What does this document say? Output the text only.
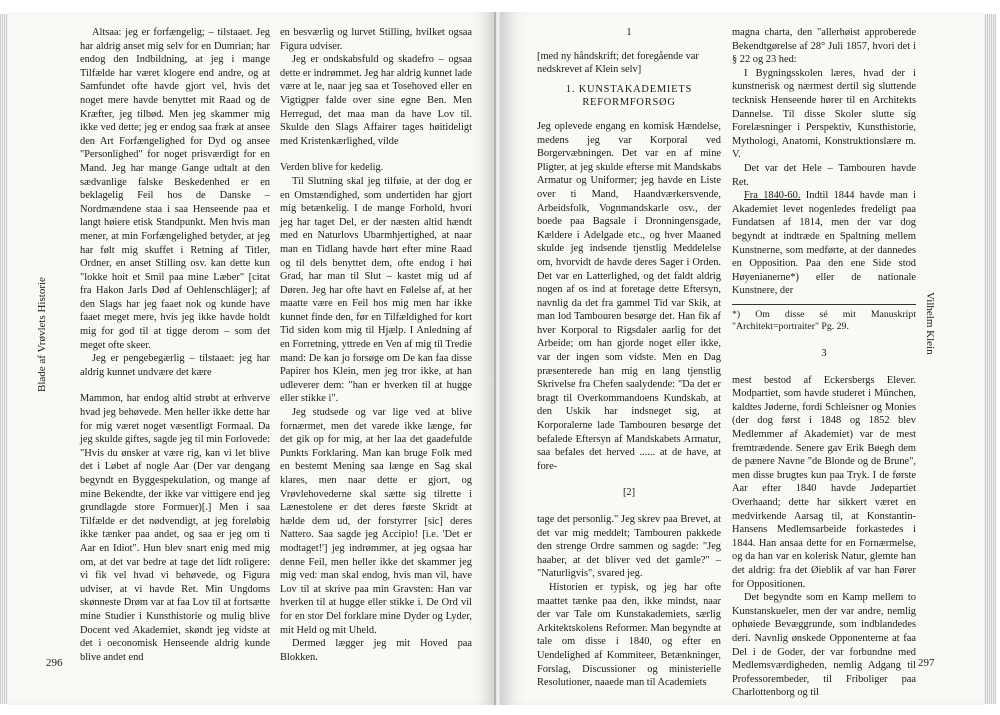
Blade af Vrøvlets Historie
296

Altsaa: jeg er forfængelig; – tilstaaet. Jeg har aldrig anset mig selv for en Dumrian; har endog den Indbildning, at jeg i mange Tilfælde har været klogere end andre, og at Samfundet ofte havde gjort vel, hvis det noget mere havde benyttet mit Raad og de Kræfter, jeg tilbød. Men jeg skammer mig ikke ved dette; jeg er endog saa fræk at ansee den Art Forfængelighed for Dyd og ansee "Personlighed" for noget prisværdigt for en Mand. Jeg har mange Gange udtalt at den sædvanlige falske Beskedenhed er en beklagelig Feil hos de Danske – Nordmændene staa i saa Henseende paa et langt høiere etisk Standpunkt. Men hvis man mener, at min Forfængelighed betyder, at jeg har følt mig skuffet i Retning af Titler, Ordner, en anset Stilling osv. kan dette kun "lokke hoit et Smil paa mine Læber" [citat fra Hakon Jarls Død af Oehlenschläger]; af den Slags har jeg faaet nok og kunde have faaet meget mere, hvis jeg ikke havde holdt mig for god til at tigge derom – som det meget ofte skeer.

Jeg er pengebegærlig – tilstaaet: jeg har aldrig kunnet undvære det kære

Mammon, har endog altid strøbt at erhverve hvad jeg behøvede. Men heller ikke dette har for mig været noget væsentligt Formaal. Da jeg skulde giftes, sagde jeg til min Forlovede: "Hvis du ønsker at være rig, kan vi let blive det i Løbet af nogle Aar (Der var dengang begyndt en Byggespekulation, og mange af mine Bekendte, der ikke var vittigere end jeg grundlagde store Formuer)[.] Men i saa Tilfælde er det nødvendigt, at jeg foreløbig ikke tænker paa andet, og saa er jeg om ti Aar en Idiot". Hun blev snart enig med mig om, at det var bedre at tage det lidt roligere: vi fik vel hvad vi behøvede, og Figura udviser, at vi havde Ret. Min Ungdoms skønneste Drøm var at faa Lov til at fortsætte mine Studier i Kunsthistorie og mulig blive Docent ved Akademiet, skøndt jeg vidste at det i oeconomisk Henseende aldrig kunde blive andet end

en besværlig og lurvet Stilling, hvilket ogsaa Figura udviser.

Jeg er ondskabsfuld og skadefro – ogsaa dette er indrømmet. Jeg har aldrig kunnet lade være at le, naar jeg saa et Tosehoved eller en Vigtigper falde over sine egne Ben. Men Herregud, det maa man da have Lov til. Skulde den Slags Affairer tages høitideligt med Kristenkærlighed, vilde

Verden blive for kedelig.

Til Slutning skal jeg tilføie, at der dog er en Omstændighed, som undertiden har gjort mig betænkelig. I de mange Forhold, hvori jeg har taget Del, er der næsten altid hændt med en Naturlovs Ubarmhjertighed, at naar man en Tidlang havde hørt efter mine Raad og til dels benyttet dem, ofte endog i høi Grad, har man til Slut – kastet mig ud af Døren. Jeg har ofte havt en Følelse af, at her maatte være en Feil hos mig men har ikke kunnet finde den, før en Tilfældighed for kort Tid siden kom mig til Hjælp. I Anledning af en Forretning, yttrede en Ven af mig til Tredie mand: De kan jo forsøge om De kan faa disse Papirer hos Klein, men jeg tror ikke, at han udleverer dem: "han er hverken til at hugge eller stikke i".

Jeg studsede og var lige ved at blive fornærmet, men det varede ikke længe, før det gik op for mig, at her laa det gaadefulde Punkts Forklaring. Man kan bruge Folk med en bestemt Mening saa længe en Sag skal klares, men naar dette er gjort, og Vrøvlehovederne skal sætte sig tilrette i Lænestolene er det deres første Skridt at hælde dem ud, der forstyrrer [sic] deres Nattero. Saa sagde jeg Accipio! [i.e. 'Det er modtaget!'] jeg indrømmer, at jeg ogsaa har denne Feil, men heller ikke det skammer jeg mig ved: man skal endog, hvis man vil, have Lov til at skrive paa min Gravsten: Han var hverken til at hugge eller stikke i. De Ord vil for en stor Del forklare mine Dyder og Lyder, mit Held og mit Uheld.

Dermed lægger jeg mit Hoved paa Blokken.

Vilhelm Klein
297

1

[med ny håndskrift; det foregående var nedskrevet af Klein selv]

1. KUNSTAKADEMIETS
REFORMFORSØG

Jeg oplevede engang en komisk Hændelse, medens jeg var Korporal ved Borgervæbningen. Det var en af mine Pligter, at jeg skulde efterse mit Mandskabs Armatur og Uniformer; jeg havde en Liste over ti Mand, Haandværkersvende, Arbeidsfolk, Vognmandskarle osv., der boede paa Bagsale i Dronningensgade, Kældere i Adelgade etc., og hver Maaned skulde jeg indsende tjenstlig Meddelelse om, hvorvidt de havde deres Sager i Orden. Det var en Latterlighed, og det faldt aldrig nogen af os ind at foretage dette Eftersyn, navnlig da det fra gammel Tid var Skik, at man lod Tambouren besørge det. Han fik af hver Korporal to Rigsdaler aarlig for det Arbeide; om han gjorde noget eller ikke, var der ingen som vidste. Men en Dag præsenterede han mig en lang tjenstlig Skrivelse fra Chefen saalydende: "Da det er bragt til Overkommandoens Kundskab, at den Uskik har indsneget sig, at Korporalerne lade Tambouren besørge det befalede Eftersyn af Mandskabets Armatur, saa befales det herved ...... at de have, at fore-

[2]

tage det personlig." Jeg skrev paa Brevet, at det var mig meddelt; Tambouren pakkede den strenge Ordre sammen og sagde: "Jeg haaber, at det bliver ved det gamle?" – "Naturligvis", svared jeg.

Historien er typisk, og jeg har ofte maattet tænke paa den, ikke mindst, naar der var Tale om Kunstakademiets, særlig Arkitektskolens Reformer. Man begyndte at tale om disse i 1840, og efter en Uendelighed af Kommiteer, Betænkninger, Forslag, Discussioner og ministerielle Resolutioner, naaede man til Academiets

magna charta, den "allerhøist approberede Bekendtgørelse af 28° Juli 1857, hvori det i § 22 og 23 hed:

I Bygningsskolen læres, hvad der i kunstnerisk og nærmest dertil sig sluttende tecknisk Henseende hører til en Architekts Dannelse. Til disse Skoler slutte sig Forelæsninger i Perspektiv, Kunsthistorie, Mythologi, Anatomi, Konstruktionslære m. V.

Det var det Hele – Tambouren havde Ret.

Fra 1840-60. Indtil 1844 havde man i Akademiet levet nogenledes fredeligt paa Fundatsen af 1814, men der var dog begyndt at indtræde en Spaltning mellem Kunstnerne, som medførte, at der dannedes en Opposition. Paa den ene Side stod Høyenianerne*) eller de nationale Kunstnere, der

*) Om disse sé mit Manuskript "Architekt=portraiter" Pg. 29.

3

mest bestod af Eckersbergs Elever. Modpartiet, som havde studeret i München, kaldtes Jøderne, fordi Schleisner og Monies (der dog først i 1848 og 1852 blev Medlemmer af Akademiet) var de mest fremtrædende. Senere gav Erik Bøegh dem de pænere Navne "de Blonde og de Brune", men disse brugtes kun paa Tryk. I de første Aar efter 1840 havde Jødepartiet Overhaand; dette har sikkert været en medvirkende Aarsag til, at Konstantin-Hansens Medlemsarbeide forkastedes i 1844. Han ansaa dette for en Fornærmelse, og da han var en kolerisk Natur, glemte han det aldrig: fra det Øieblik af var han Fører for Oppositionen.

Det begyndte som en Kamp mellem to Kunstanskueler, men der var andre, nemlig ophøiede Bevæggrunde, som indblandedes deri. Navnlig ønskede Opponenterne at faa Del i de Goder, der var forbundne med Medlemsværdigheden, nemlig Adgang til Professorembeder, til Friboliger paa Charlottenborg og til
